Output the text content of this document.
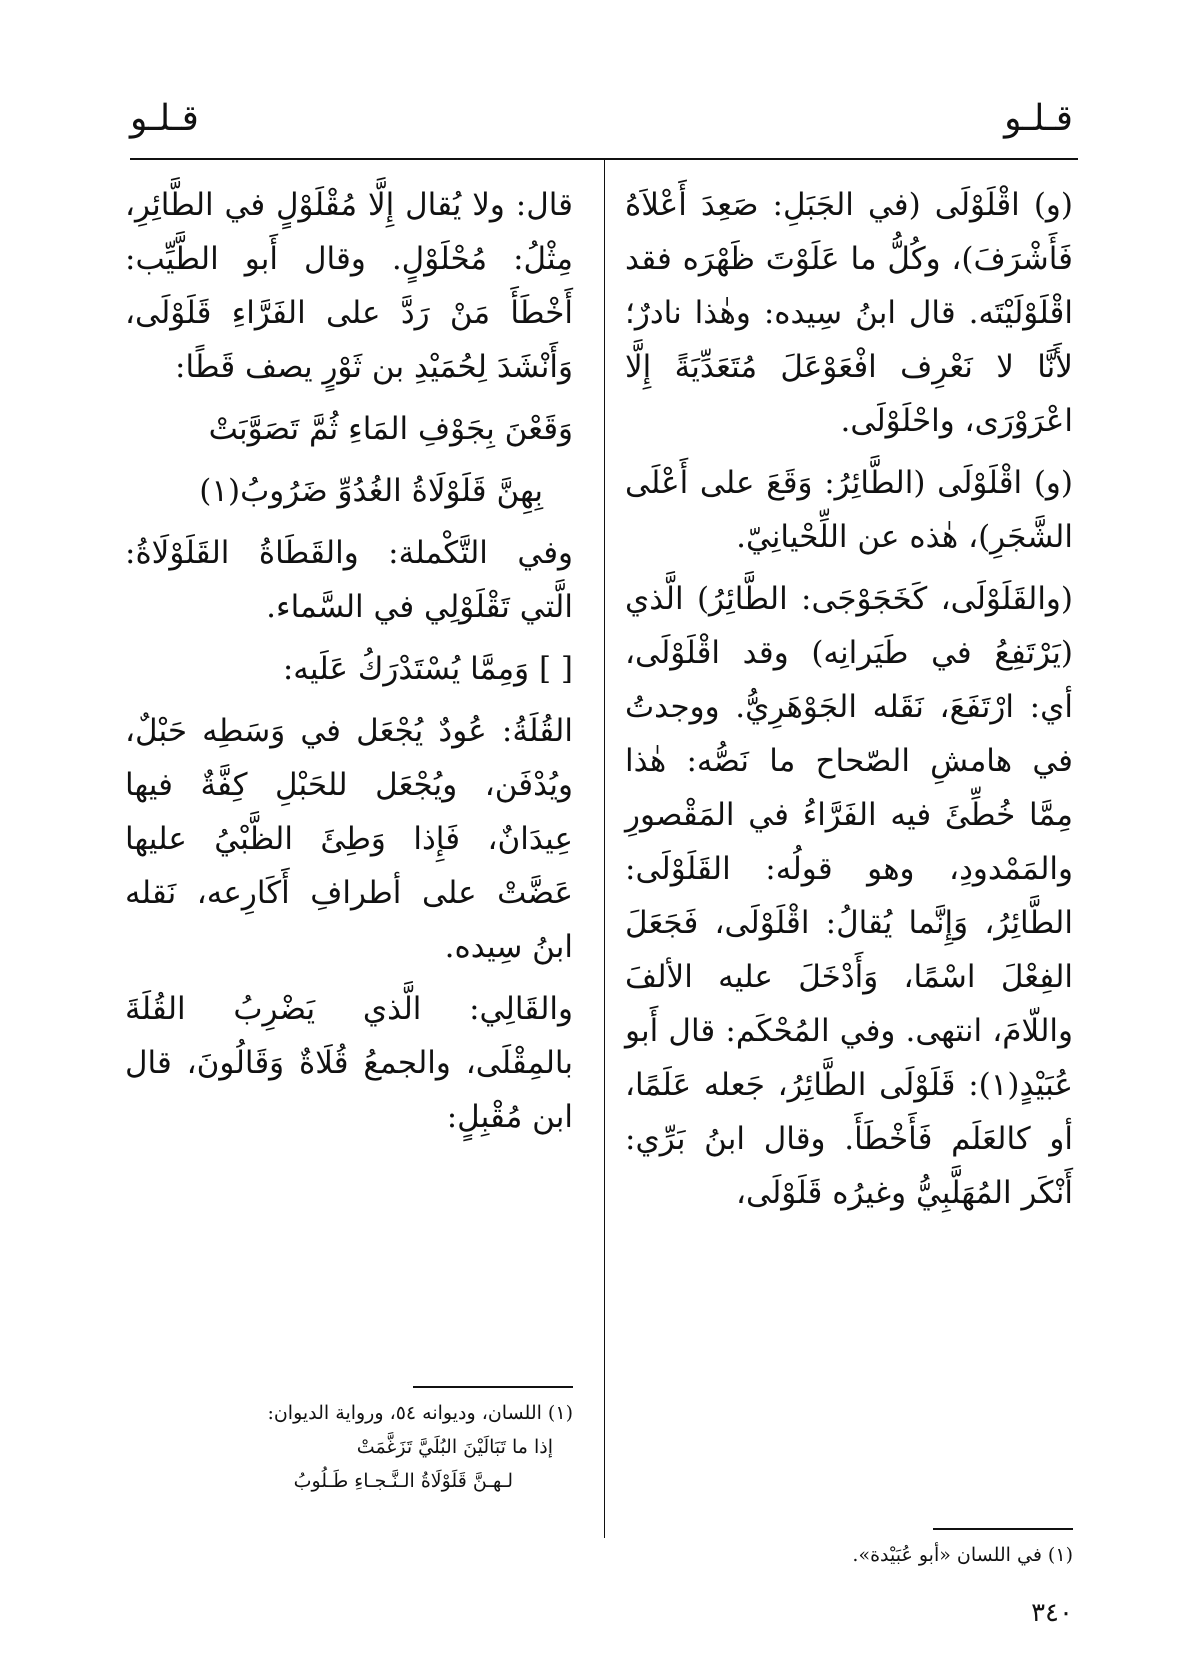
قـلـو
قـلـو

(و) اقْلَوْلَى (في الجَبَلِ: صَعِدَ أَعْلاَهُ فَأَشْرَفَ)، وكُلُّ ما عَلَوْتَ ظَهْرَه فقد اقْلَوْلَيْتَه. قال ابنُ سِيده: وهٰذا نادرٌ؛ لأَنَّا لا نَعْرِف افْعَوْعَلَ مُتَعَدِّيَةً إِلَّا اعْرَوْرَى، واحْلَوْلَى.

(و) اقْلَوْلَى (الطَّائِرُ: وَقَعَ على أَعْلَى الشَّجَرِ)، هٰذه عن اللِّحْيانِيّ.

(والقَلَوْلَى، كَخَجَوْجَى: الطَّائِرُ) الَّذي (يَرْتَفِعُ في طَيَرانِه) وقد اقْلَوْلَى، أي: ارْتَفَعَ، نَقَله الجَوْهَرِيُّ. ووجدتُ في هامشِ الصّحاح ما نَصُّه: هٰذا مِمَّا خُطِّئَ فيه الفَرَّاءُ في المَقْصورِ والمَمْدودِ، وهو قولُه: القَلَوْلَى: الطَّائِرُ، وَإِنَّما يُقالُ: اقْلَوْلَى، فَجَعَلَ الفِعْلَ اسْمًا، وَأَدْخَلَ عليه الألفَ واللّامَ، انتهى. وفي المُحْكَم: قال أَبو عُبَيْدٍ(١): قَلَوْلَى الطَّائِرُ، جَعله عَلَمًا، أو كالعَلَم فَأَخْطَأَ. وقال ابنُ بَرِّي: أَنْكَر المُهَلَّبِيُّ وغيرُه قَلَوْلَى،

قال: ولا يُقال إِلَّا مُقْلَوْلٍ في الطَّائِرِ، مِثْلُ: مُحْلَوْلٍ. وقال أَبو الطَّيِّب: أَخْطَأَ مَنْ رَدَّ على الفَرَّاءِ قَلَوْلَى، وَأَنْشَدَ لِحُمَيْدِ بن ثَوْرٍ يصف قَطًا:

وَقَعْنَ بِجَوْفِ المَاءِ ثُمَّ تَصَوَّبَتْ

بِهِنَّ قَلَوْلَاةُ الغُدُوِّ ضَرُوبُ(١)

وفي التَّكْملة: والقَطَاةُ القَلَوْلَاةُ: الَّتي تَقْلَوْلِي في السَّماء.

[ ] وَمِمَّا يُسْتَدْرَكُ عَلَيه:

القُلَةُ: عُودٌ يُجْعَل في وَسَطِه حَبْلٌ، ويُدْفَن، ويُجْعَل للحَبْلِ كِفَّةٌ فيها عِيدَانٌ، فَإِذا وَطِئَ الظَّبْيُ عليها عَضَّتْ على أطرافِ أَكَارِعه، نَقله ابنُ سِيده.

والقَالِي: الَّذي يَضْرِبُ القُلَةَ بالمِقْلَى، والجمعُ قُلَاةٌ وَقَالُونَ، قال ابن مُقْبِلٍ:

(١) اللسان، وديوانه ٥٤، ورواية الديوان:
إذا ما تَبَالَيْنَ البُلَيَّ تَزَغَّمَتْ
لـهـنَّ قَلَوْلَاةُ الـنَّـجـاءِ طَـلُوبُ
(١) في اللسان «أبو عُبَيْدة».
٣٤٠
